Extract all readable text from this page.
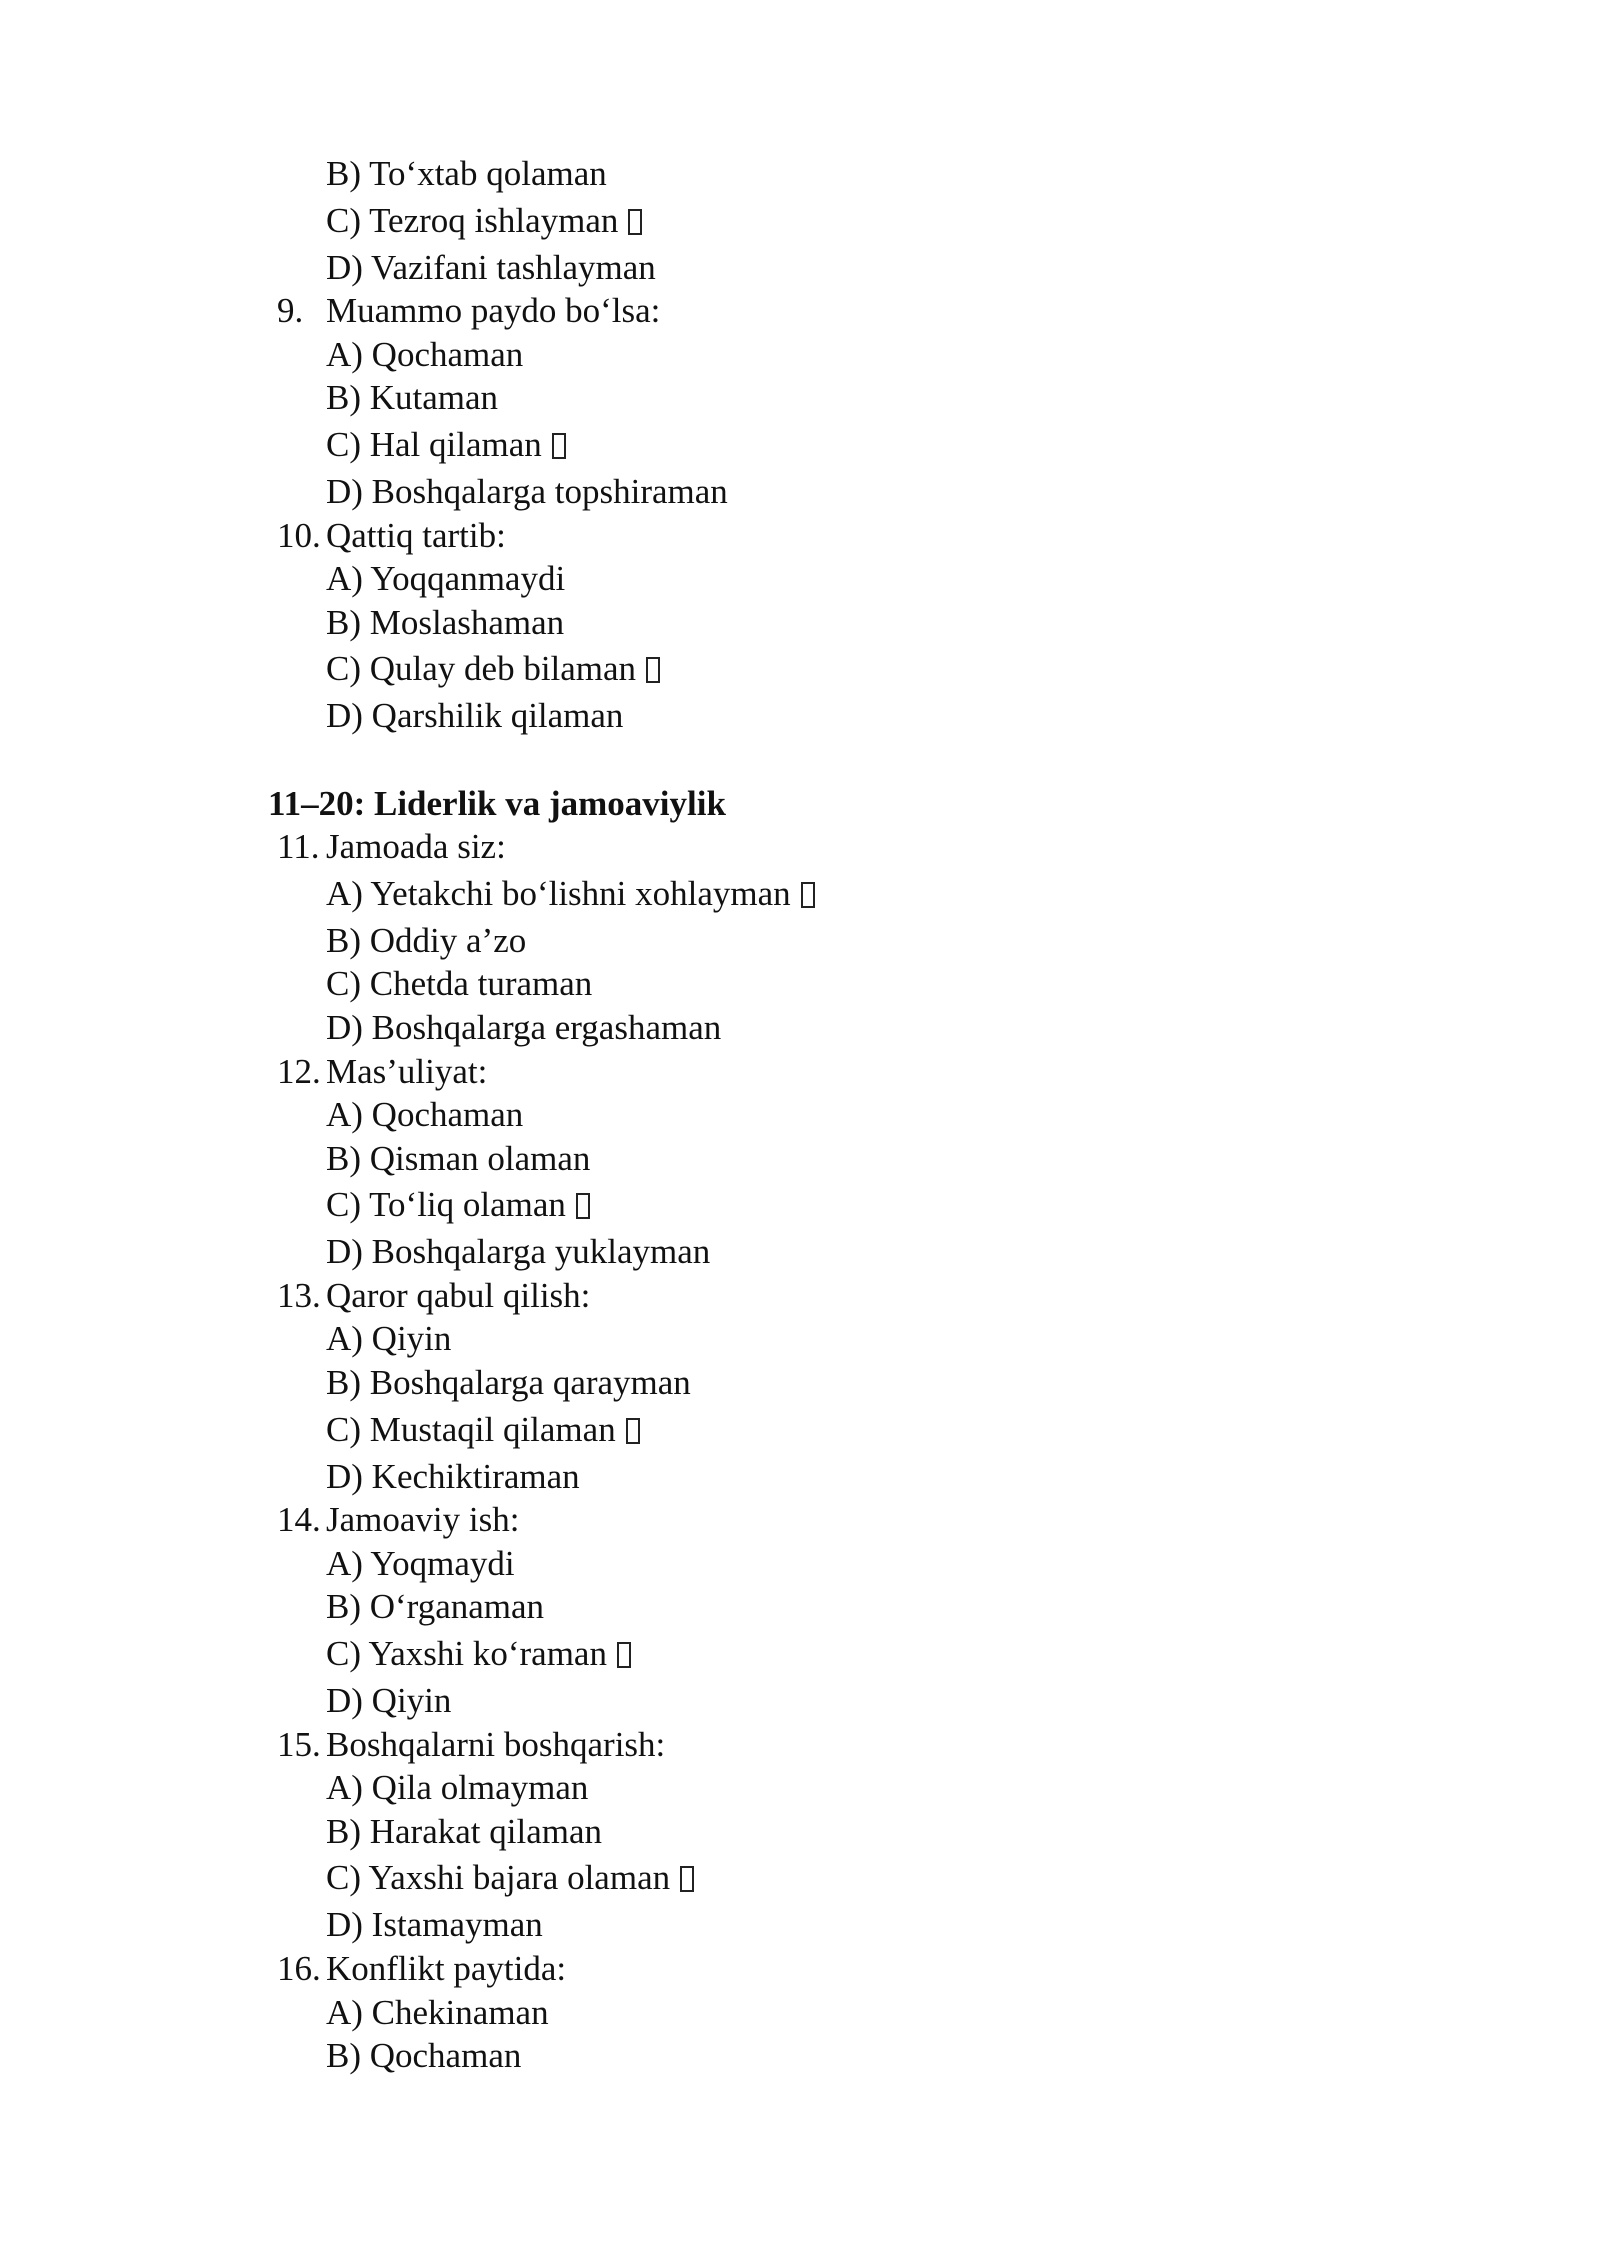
B) To‘xtab qolaman
C) Tezroq ishlayman
D) Vazifani tashlayman
9. Muammo paydo bo‘lsa:
A) Qochaman
B) Kutaman
C) Hal qilaman
D) Boshqalarga topshiraman
10. Qattiq tartib:
A) Yoqqanmaydi
B) Moslashaman
C) Qulay deb bilaman
D) Qarshilik qilaman
11–20: Liderlik va jamoaviylik
11. Jamoada siz:
A) Yetakchi bo‘lishni xohlayman
B) Oddiy a’zo
C) Chetda turaman
D) Boshqalarga ergashaman
12. Mas’uliyat:
A) Qochaman
B) Qisman olaman
C) To‘liq olaman
D) Boshqalarga yuklayman
13. Qaror qabul qilish:
A) Qiyin
B) Boshqalarga qarayman
C) Mustaqil qilaman
D) Kechiktiraman
14. Jamoaviy ish:
A) Yoqmaydi
B) O‘rganaman
C) Yaxshi ko‘raman
D) Qiyin
15. Boshqalarni boshqarish:
A) Qila olmayman
B) Harakat qilaman
C) Yaxshi bajara olaman
D) Istamayman
16. Konflikt paytida:
A) Chekinaman
B) Qochaman
